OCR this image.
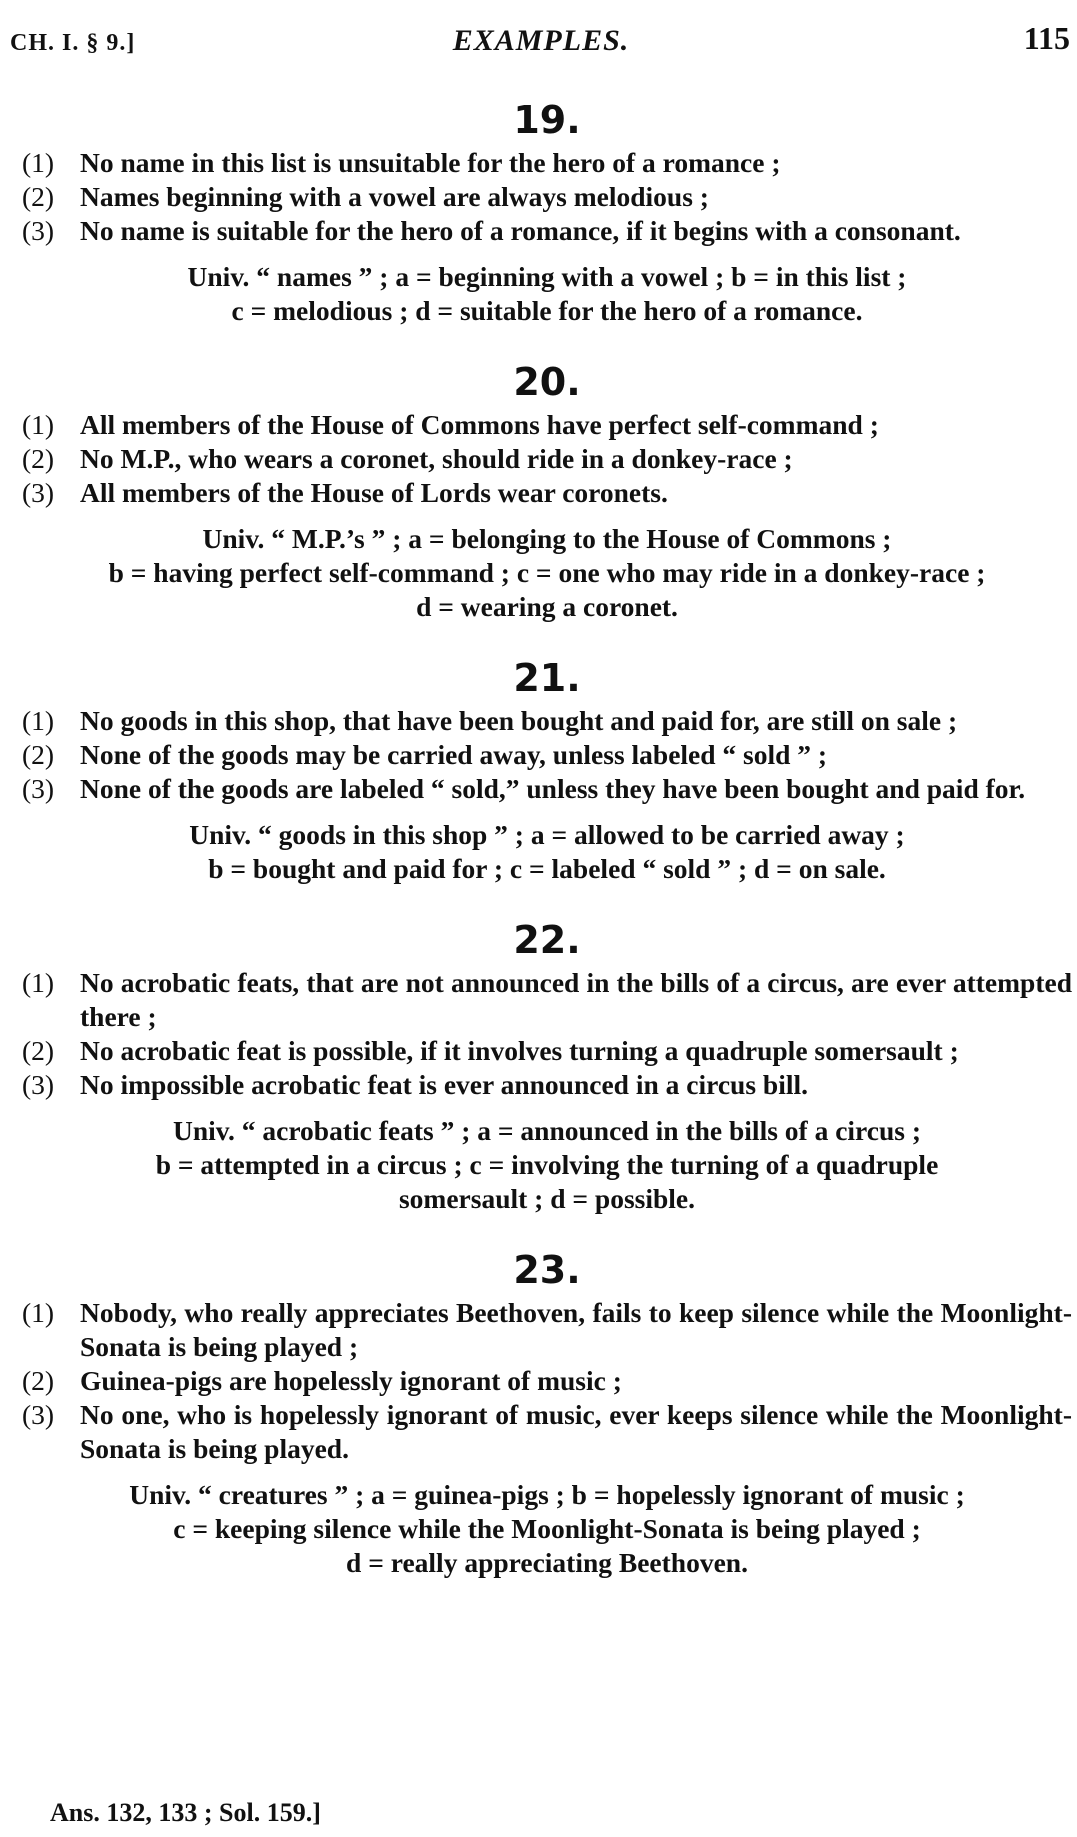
CH. I. § 9.]	EXAMPLES.	115
19.
(1) No name in this list is unsuitable for the hero of a romance ;
(2) Names beginning with a vowel are always melodious ;
(3) No name is suitable for the hero of a romance, if it begins with a consonant.
Univ. “ names ” ; a = beginning with a vowel ; b = in this list ;
c = melodious ; d = suitable for the hero of a romance.
20.
(1) All members of the House of Commons have perfect self-command ;
(2) No M.P., who wears a coronet, should ride in a donkey-race ;
(3) All members of the House of Lords wear coronets.
Univ. “ M.P.’s ” ; a = belonging to the House of Commons ;
b = having perfect self-command ; c = one who may ride in a donkey-race ;
d = wearing a coronet.
21.
(1) No goods in this shop, that have been bought and paid for, are still on sale ;
(2) None of the goods may be carried away, unless labeled “ sold ” ;
(3) None of the goods are labeled “ sold,” unless they have been bought and paid for.
Univ. “ goods in this shop ” ; a = allowed to be carried away ;
b = bought and paid for ; c = labeled “ sold ” ; d = on sale.
22.
(1) No acrobatic feats, that are not announced in the bills of a circus, are ever attempted there ;
(2) No acrobatic feat is possible, if it involves turning a quadruple somersault ;
(3) No impossible acrobatic feat is ever announced in a circus bill.
Univ. “ acrobatic feats ” ; a = announced in the bills of a circus ;
b = attempted in a circus ; c = involving the turning of a quadruple
somersault ; d = possible.
23.
(1) Nobody, who really appreciates Beethoven, fails to keep silence while the Moonlight-Sonata is being played ;
(2) Guinea-pigs are hopelessly ignorant of music ;
(3) No one, who is hopelessly ignorant of music, ever keeps silence while the Moonlight-Sonata is being played.
Univ. “ creatures ” ; a = guinea-pigs ; b = hopelessly ignorant of music ;
c = keeping silence while the Moonlight-Sonata is being played ;
d = really appreciating Beethoven.
Ans. 132, 133 ; Sol. 159.]
